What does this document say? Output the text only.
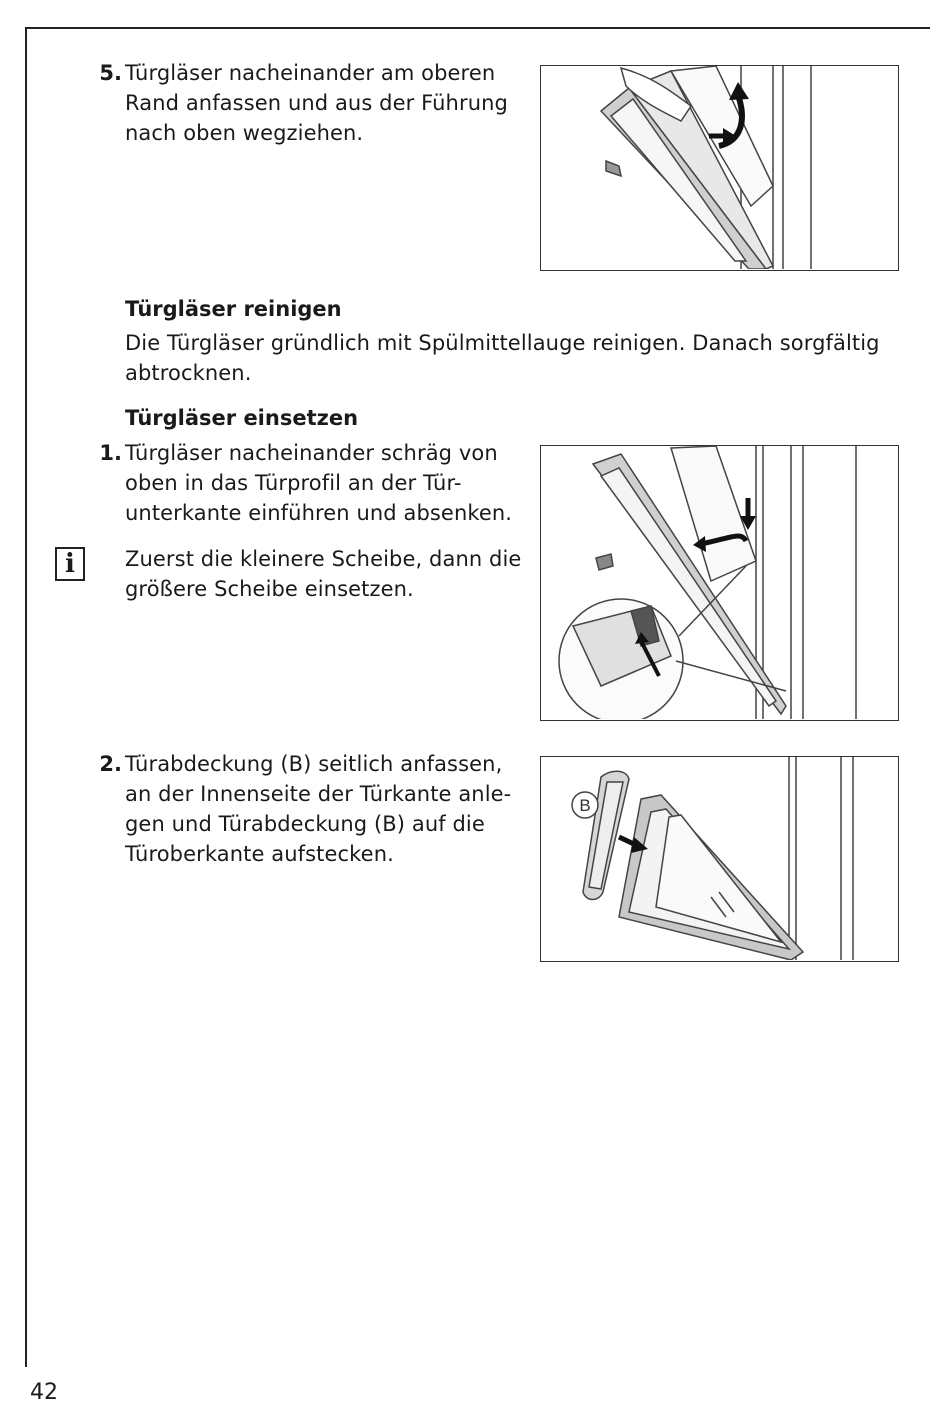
5. Türgläser nacheinander am oberen
Rand anfassen und aus der Führung
nach oben wegziehen.
Türgläser reinigen
Die Türgläser gründlich mit Spülmittellauge reinigen. Danach sorgfältig
abtrocknen.
Türgläser einsetzen
1. Türgläser nacheinander schräg von
oben in das Türprofil an der Tür-
unterkante einführen und absenken.
i	Zuerst die kleinere Scheibe, dann die
größere Scheibe einsetzen.
2. Türabdeckung (B) seitlich anfassen,
an der Innenseite der Türkante anle-
gen und Türabdeckung (B) auf die
Türoberkante aufstecken.
B
42
